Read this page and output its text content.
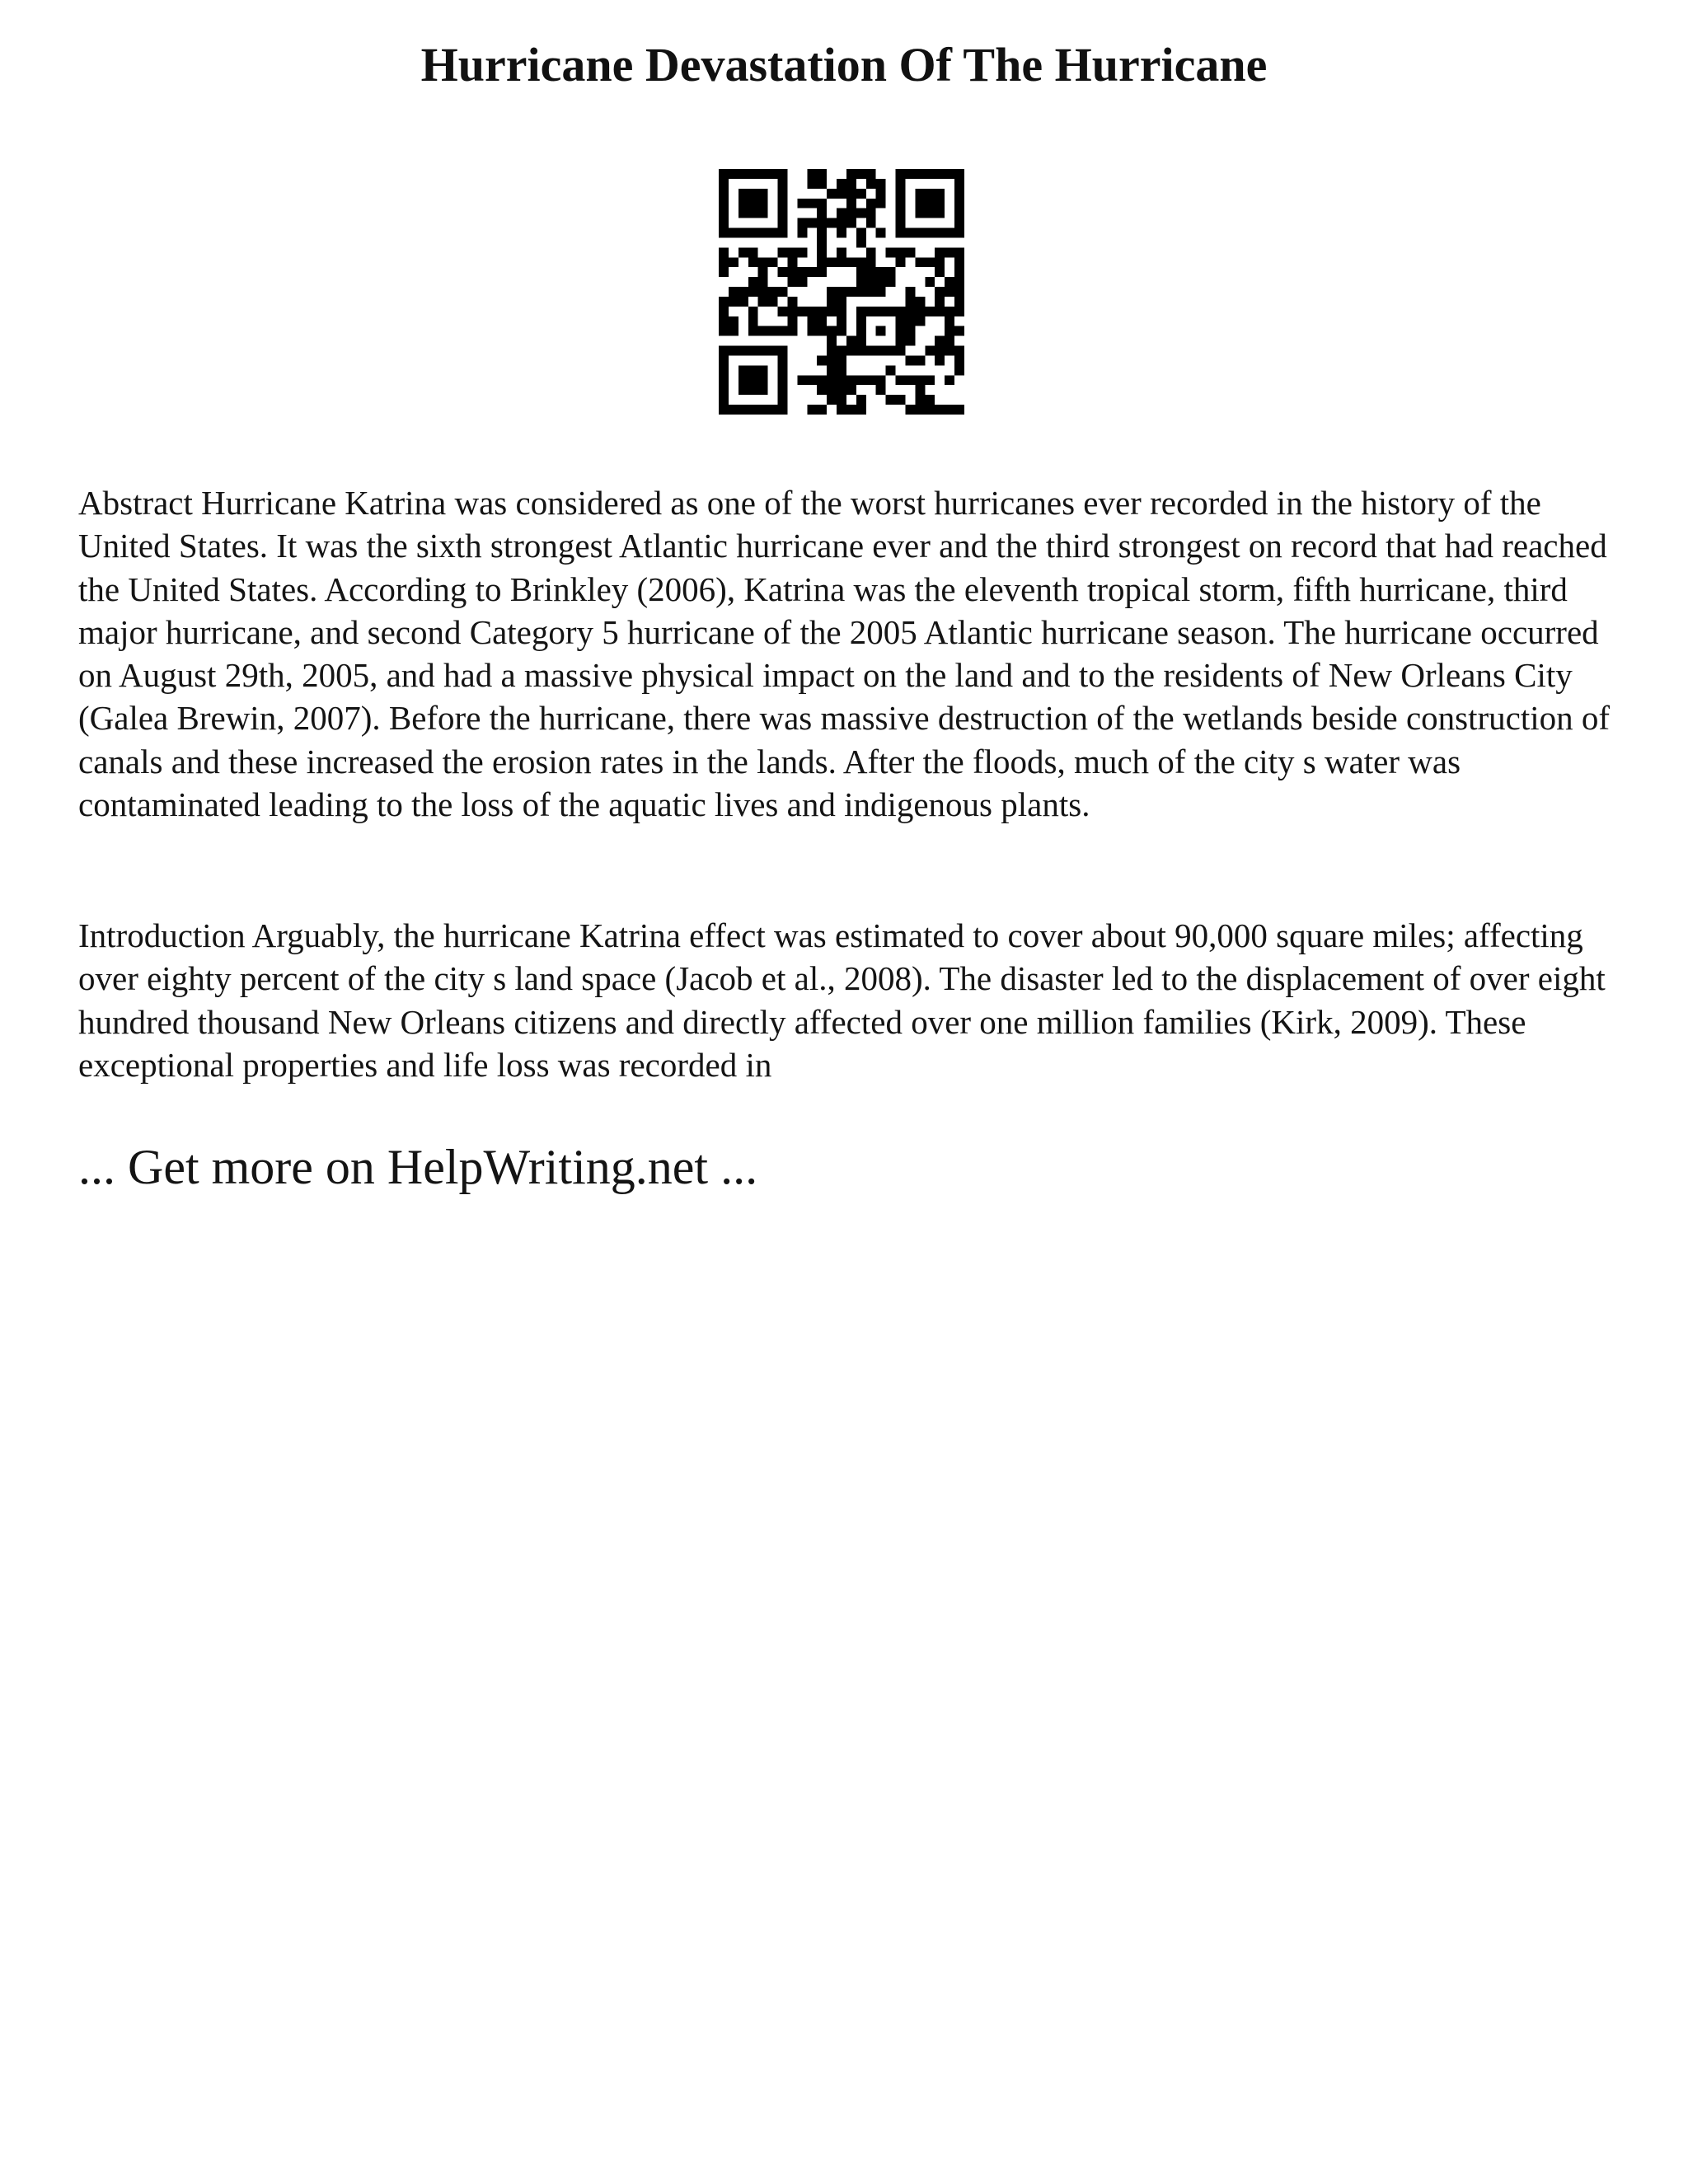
Hurricane Devastation Of The Hurricane

Abstract Hurricane Katrina was considered as one of the worst hurricanes ever recorded in the history of the United States. It was the sixth strongest Atlantic hurricane ever and the third strongest on record that had reached the United States. According to Brinkley (2006), Katrina was the eleventh tropical storm, fifth hurricane, third major hurricane, and second Category 5 hurricane of the 2005 Atlantic hurricane season. The hurricane occurred on August 29th, 2005, and had a massive physical impact on the land and to the residents of New Orleans City (Galea Brewin, 2007). Before the hurricane, there was massive destruction of the wetlands beside construction of canals and these increased the erosion rates in the lands. After the floods, much of the city s water was contaminated leading to the loss of the aquatic lives and indigenous plants.

Introduction Arguably, the hurricane Katrina effect was estimated to cover about 90,000 square miles; affecting over eighty percent of the city s land space (Jacob et al., 2008). The disaster led to the displacement of over eight hundred thousand New Orleans citizens and directly affected over one million families (Kirk, 2009). These exceptional properties and life loss was recorded in

... Get more on HelpWriting.net ...
